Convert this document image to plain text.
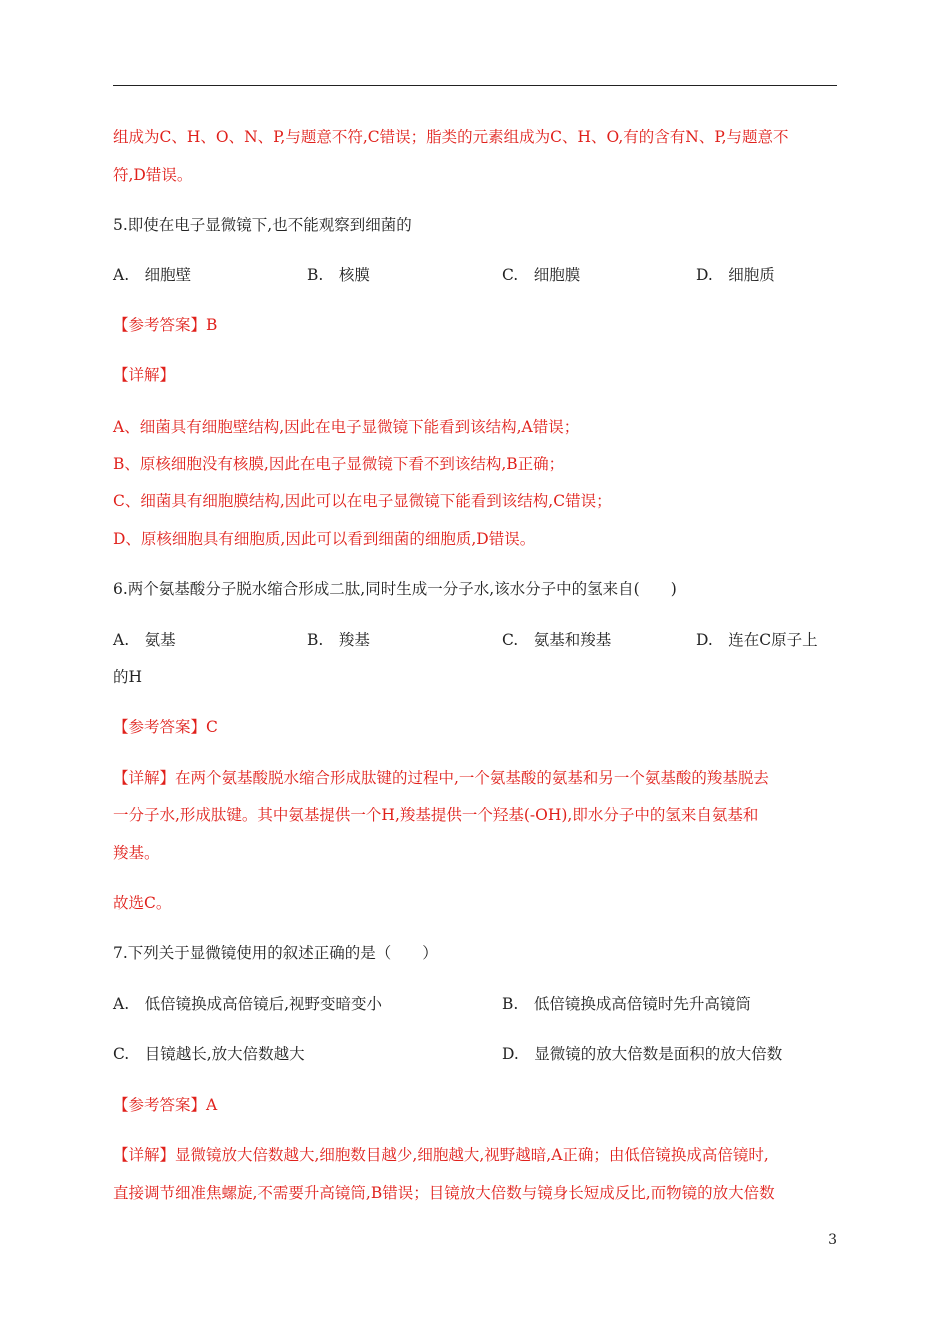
组成为C、H、O、N、P,与题意不符,C错误；脂类的元素组成为C、H、O,有的含有N、P,与题意不
符,D错误。
5.即使在电子显微镜下,也不能观察到细菌的
A.　细胞壁	B.　核膜	C.　细胞膜	D.　细胞质
【参考答案】B
【详解】
A、细菌具有细胞壁结构,因此在电子显微镜下能看到该结构,A错误；
B、原核细胞没有核膜,因此在电子显微镜下看不到该结构,B正确；
C、细菌具有细胞膜结构,因此可以在电子显微镜下能看到该结构,C错误；
D、原核细胞具有细胞质,因此可以看到细菌的细胞质,D错误。
6.两个氨基酸分子脱水缩合形成二肽,同时生成一分子水,该水分子中的氢来自(　　)
A.　氨基	B.　羧基	C.　氨基和羧基	D.　连在C原子上
的H
【参考答案】C
【详解】在两个氨基酸脱水缩合形成肽键的过程中,一个氨基酸的氨基和另一个氨基酸的羧基脱去
一分子水,形成肽键。其中氨基提供一个H,羧基提供一个羟基(-OH),即水分子中的氢来自氨基和
羧基。
故选C。
7.下列关于显微镜使用的叙述正确的是（　　）
A.　低倍镜换成高倍镜后,视野变暗变小	B.　低倍镜换成高倍镜时先升高镜筒
C.　目镜越长,放大倍数越大	D.　显微镜的放大倍数是面积的放大倍数
【参考答案】A
【详解】显微镜放大倍数越大,细胞数目越少,细胞越大,视野越暗,A正确；由低倍镜换成高倍镜时,
直接调节细准焦螺旋,不需要升高镜筒,B错误；目镜放大倍数与镜身长短成反比,而物镜的放大倍数
3
